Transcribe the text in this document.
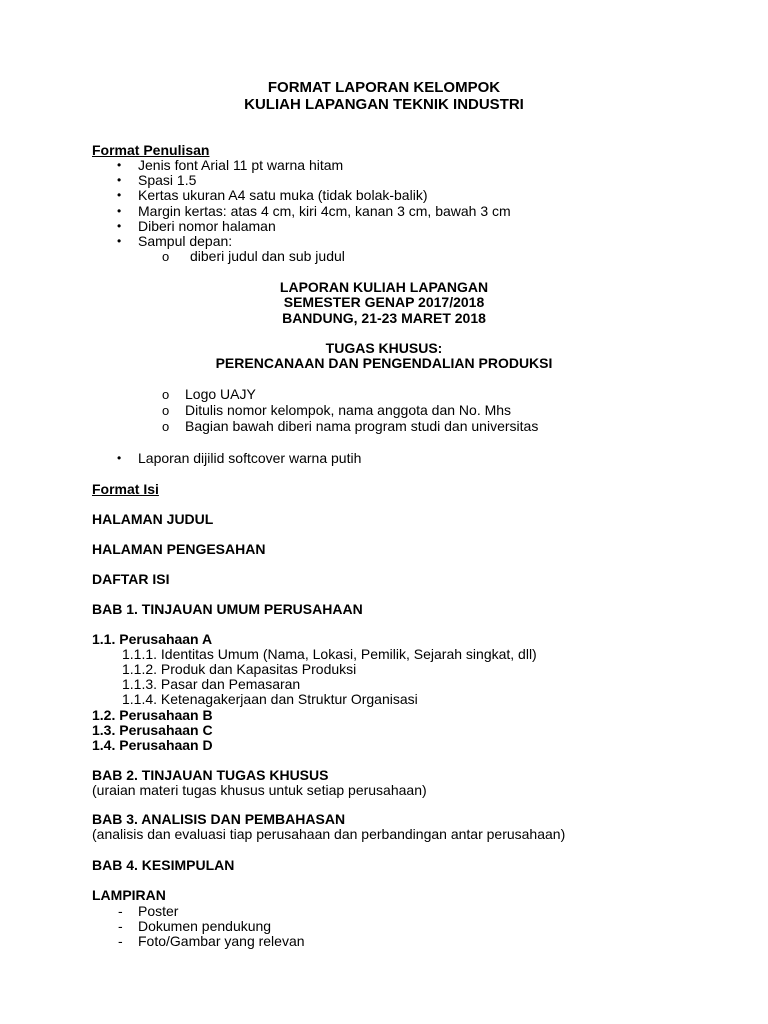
FORMAT LAPORAN KELOMPOK
KULIAH LAPANGAN TEKNIK INDUSTRI
Format Penulisan
• Jenis font Arial 11 pt warna hitam
• Spasi 1.5
• Kertas ukuran A4 satu muka (tidak bolak-balik)
• Margin kertas: atas 4 cm, kiri 4cm, kanan 3 cm, bawah 3 cm
• Diberi nomor halaman
• Sampul depan:
o diberi judul dan sub judul
LAPORAN KULIAH LAPANGAN
SEMESTER GENAP 2017/2018
BANDUNG, 21-23 MARET 2018
TUGAS KHUSUS:
PERENCANAAN DAN PENGENDALIAN PRODUKSI
o Logo UAJY
o Ditulis nomor kelompok, nama anggota dan No. Mhs
o Bagian bawah diberi nama program studi dan universitas
• Laporan dijilid softcover warna putih
Format Isi
HALAMAN JUDUL
HALAMAN PENGESAHAN
DAFTAR ISI
BAB 1. TINJAUAN UMUM PERUSAHAAN
1.1. Perusahaan A
1.1.1. Identitas Umum (Nama, Lokasi, Pemilik, Sejarah singkat, dll)
1.1.2. Produk dan Kapasitas Produksi
1.1.3. Pasar dan Pemasaran
1.1.4. Ketenagakerjaan dan Struktur Organisasi
1.2. Perusahaan B
1.3. Perusahaan C
1.4. Perusahaan D
BAB 2. TINJAUAN TUGAS KHUSUS
(uraian materi tugas khusus untuk setiap perusahaan)
BAB 3. ANALISIS DAN PEMBAHASAN
(analisis dan evaluasi tiap perusahaan dan perbandingan antar perusahaan)
BAB 4. KESIMPULAN
LAMPIRAN
- Poster
- Dokumen pendukung
- Foto/Gambar yang relevan
